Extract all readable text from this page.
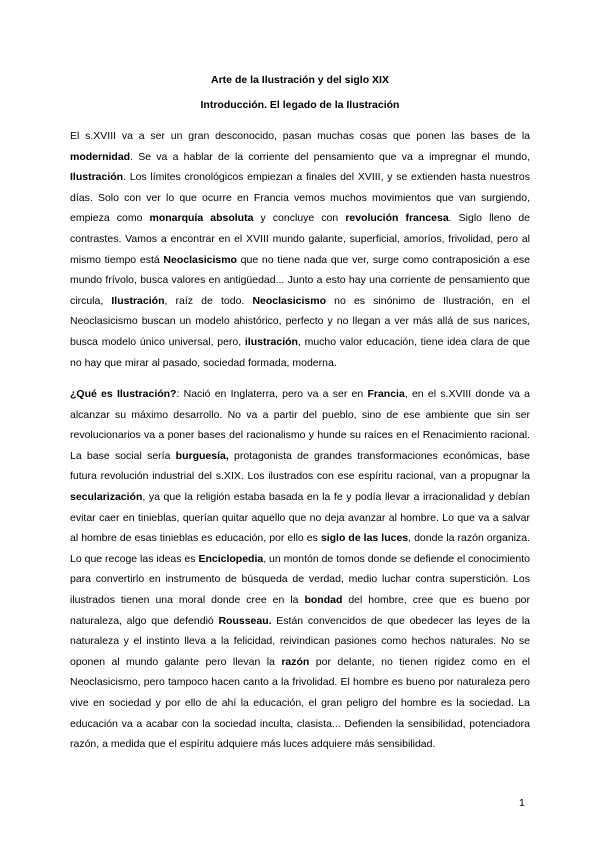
Arte de la Ilustración y del siglo XIX
Introducción. El legado de la Ilustración

El s.XVIII va a ser un gran desconocido, pasan muchas cosas que ponen las bases de la modernidad. Se va a hablar de la corriente del pensamiento que va a impregnar el mundo, Ilustración. Los límites cronológicos empiezan a finales del XVIII, y se extienden hasta nuestros días. Solo con ver lo que ocurre en Francia vemos muchos movimientos que van surgiendo, empieza como monarquía absoluta y concluye con revolución francesa. Siglo lleno de contrastes. Vamos a encontrar en el XVIII mundo galante, superficial, amoríos, frivolidad, pero al mismo tiempo está Neoclasicismo que no tiene nada que ver, surge como contraposición a ese mundo frívolo, busca valores en antigüedad... Junto a esto hay una corriente de pensamiento que circula, Ilustración, raíz de todo. Neoclasicismo no es sinónimo de Ilustración, en el Neoclasicismo buscan un modelo ahistórico, perfecto y no llegan a ver más allá de sus narices, busca modelo único universal, pero, ilustración, mucho valor educación, tiene idea clara de que no hay que mirar al pasado, sociedad formada, moderna.

¿Qué es Ilustración?: Nació en Inglaterra, pero va a ser en Francia, en el s.XVIII donde va a alcanzar su máximo desarrollo. No va a partir del pueblo, sino de ese ambiente que sin ser revolucionarios va a poner bases del racionalismo y hunde su raíces en el Renacimiento racional. La base social sería burguesía, protagonista de grandes transformaciones económicas, base futura revolución industrial del s.XIX. Los ilustrados con ese espíritu racional, van a propugnar la secularización, ya que la religión estaba basada en la fe y podía llevar a irracionalidad y debían evitar caer en tinieblas, querían quitar aquello que no deja avanzar al hombre. Lo que va a salvar al hombre de esas tinieblas es educación, por ello es siglo de las luces, donde la razón organiza. Lo que recoge las ideas es Enciclopedia, un montón de tomos donde se defiende el conocimiento para convertirlo en instrumento de búsqueda de verdad, medio luchar contra superstición. Los ilustrados tienen una moral donde cree en la bondad del hombre, cree que es bueno por naturaleza, algo que defendió Rousseau. Están convencidos de que obedecer las leyes de la naturaleza y el instinto lleva a la felicidad, reivindican pasiones como hechos naturales. No se oponen al mundo galante pero llevan la razón por delante, no tienen rigidez como en el Neoclasicismo, pero tampoco hacen canto a la frivolidad. El hombre es bueno por naturaleza pero vive en sociedad y por ello de ahí la educación, el gran peligro del hombre es la sociedad. La educación va a acabar con la sociedad inculta, clasista... Defienden la sensibilidad, potenciadora razón, a medida que el espíritu adquiere más luces adquiere más sensibilidad.

1
